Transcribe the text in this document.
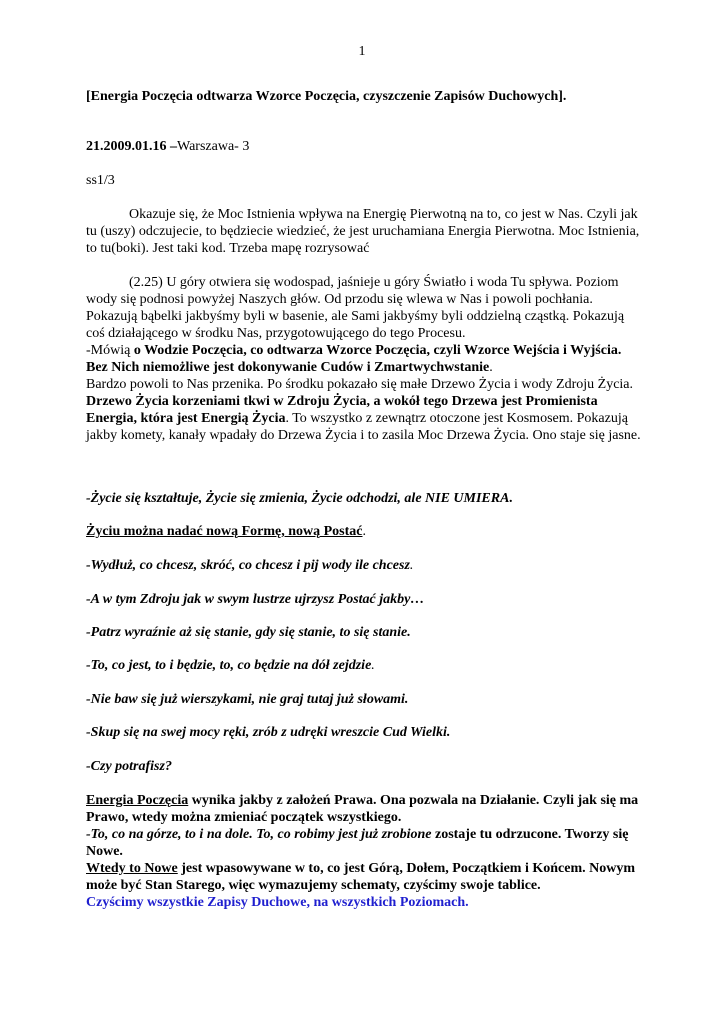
1

[Energia Poczęcia odtwarza Wzorce Poczęcia, czyszczenie Zapisów Duchowych].

21.2009.01.16 –Warszawa- 3

ss1/3

Okazuje się, że Moc Istnienia wpływa na Energię Pierwotną na to, co jest w Nas. Czyli jak tu (uszy) odczujecie, to będziecie wiedzieć, że jest uruchamiana Energia Pierwotna. Moc Istnienia, to tu(boki). Jest taki kod. Trzeba mapę rozrysować

(2.25) U góry otwiera się wodospad, jaśnieje u góry Światło i woda Tu spływa. Poziom wody się podnosi powyżej Naszych głów. Od przodu się wlewa w Nas i powoli pochłania.
Pokazują bąbelki jakbyśmy byli w basenie, ale Sami jakbyśmy byli oddzielną cząstką. Pokazują coś działającego w środku Nas, przygotowującego do tego Procesu.
-Mówią o Wodzie Poczęcia, co odtwarza Wzorce Poczęcia, czyli Wzorce Wejścia i Wyjścia. Bez Nich niemożliwe jest dokonywanie Cudów i Zmartwychwstanie.
Bardzo powoli to Nas przenika. Po środku pokazało się małe Drzewo Życia i wody Zdroju Życia. Drzewo Życia korzeniami tkwi w Zdroju Życia, a wokół tego Drzewa jest Promienista Energia, która jest Energią Życia. To wszystko z zewnątrz otoczone jest Kosmosem. Pokazują jakby komety, kanały wpadały do Drzewa Życia i to zasila Moc Drzewa Życia. Ono staje się jasne.

-Życie się kształtuje, Życie się zmienia, Życie odchodzi, ale NIE UMIERA.

Życiu można nadać nową Formę, nową Postać.

-Wydłuż, co chcesz, skróć, co chcesz i pij wody ile chcesz.

-A w tym Zdroju jak w swym lustrze ujrzysz Postać jakby…

-Patrz wyraźnie aż się stanie, gdy się stanie, to się stanie.

-To, co jest, to i będzie, to, co będzie na dół zejdzie.

-Nie baw się już wierszykami, nie graj tutaj już słowami.

-Skup się na swej mocy ręki, zrób z udręki wreszcie Cud Wielki.

-Czy potrafisz?

Energia Poczęcia wynika jakby z założeń Prawa. Ona pozwala na Działanie. Czyli jak się ma Prawo, wtedy można zmieniać początek wszystkiego.
-To, co na górze, to i na dole. To, co robimy jest już zrobione zostaje tu odrzucone. Tworzy się Nowe.
Wtedy to Nowe jest wpasowywane w to, co jest Górą, Dołem, Początkiem i Końcem. Nowym może być Stan Starego, więc wymazujemy schematy, czyścimy swoje tablice.
Czyścimy wszystkie Zapisy Duchowe, na wszystkich Poziomach.
